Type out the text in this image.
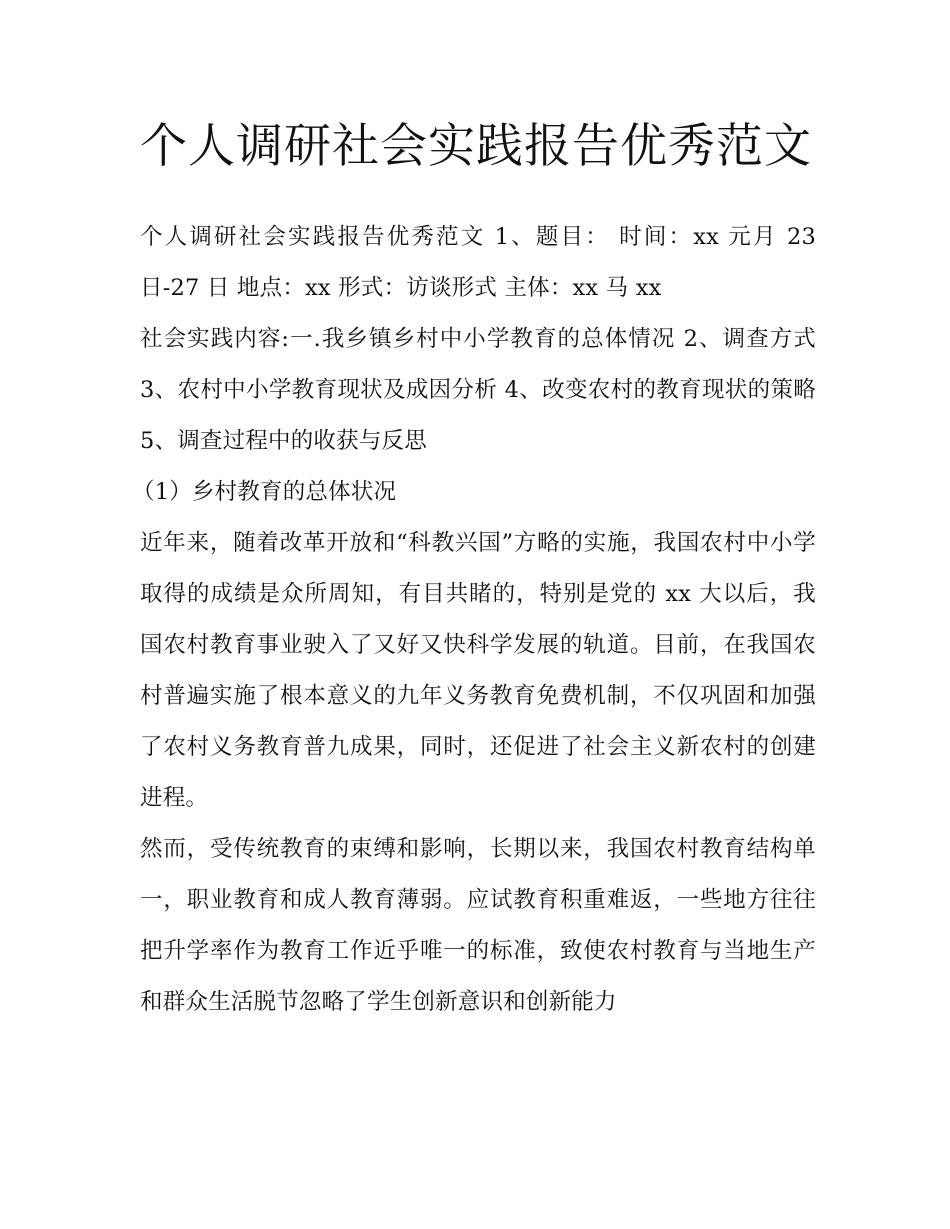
个人调研社会实践报告优秀范文

个人调研社会实践报告优秀范文 1、题目： 时间：xx 元月 23 日-27 日 地点：xx 形式：访谈形式 主体：xx 马 xx

社会实践内容:一.我乡镇乡村中小学教育的总体情况 2、调查方式 3、农村中小学教育现状及成因分析 4、改变农村的教育现状的策略 5、调查过程中的收获与反思

（1）乡村教育的总体状况

近年来，随着改革开放和“科教兴国”方略的实施，我国农村中小学取得的成绩是众所周知，有目共睹的，特别是党的 xx 大以后，我国农村教育事业驶入了又好又快科学发展的轨道。目前，在我国农村普遍实施了根本意义的九年义务教育免费机制，不仅巩固和加强了农村义务教育普九成果，同时，还促进了社会主义新农村的创建进程。

然而，受传统教育的束缚和影响，长期以来，我国农村教育结构单一，职业教育和成人教育薄弱。应试教育积重难返，一些地方往往把升学率作为教育工作近乎唯一的标准，致使农村教育与当地生产和群众生活脱节忽略了学生创新意识和创新能力
